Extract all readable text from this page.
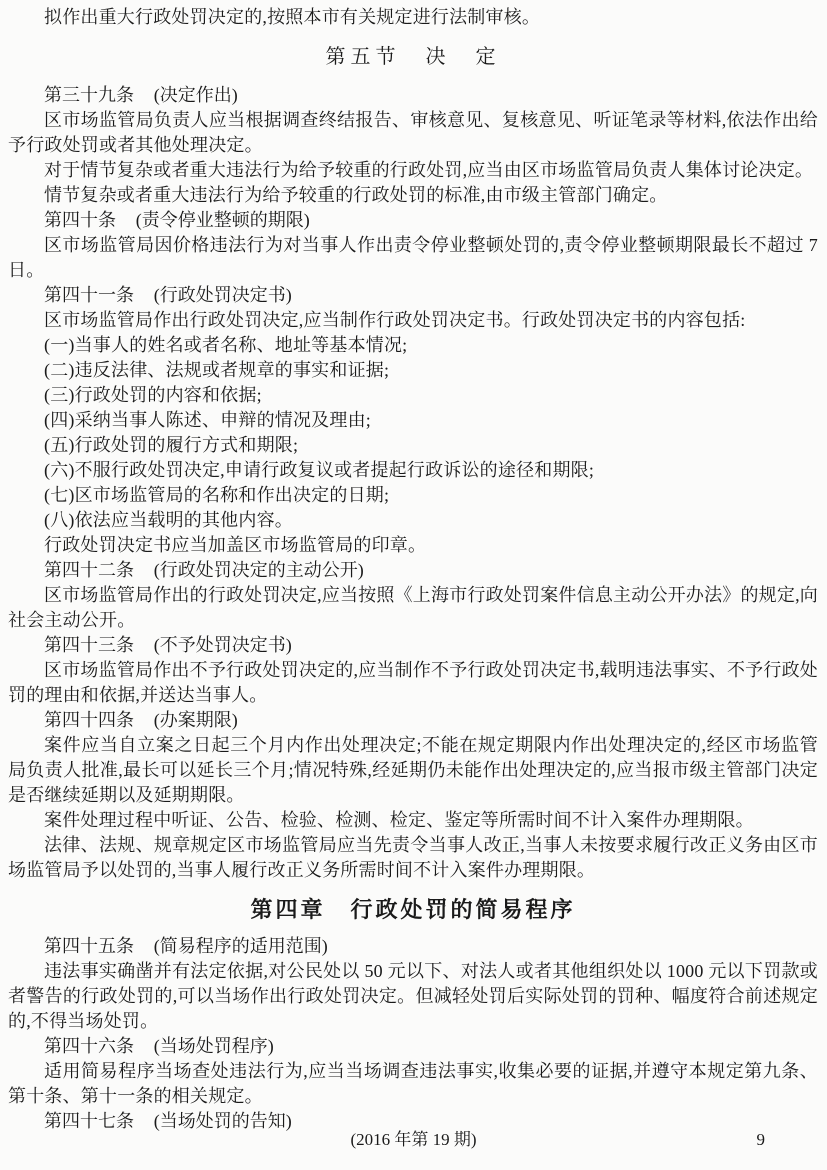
拟作出重大行政处罚决定的,按照本市有关规定进行法制审核。

第五节　决　定

第三十九条 (决定作出)

区市场监管局负责人应当根据调查终结报告、审核意见、复核意见、听证笔录等材料,依法作出给予行政处罚或者其他处理决定。

对于情节复杂或者重大违法行为给予较重的行政处罚,应当由区市场监管局负责人集体讨论决定。

情节复杂或者重大违法行为给予较重的行政处罚的标准,由市级主管部门确定。

第四十条 (责令停业整顿的期限)

区市场监管局因价格违法行为对当事人作出责令停业整顿处罚的,责令停业整顿期限最长不超过 7 日。

第四十一条 (行政处罚决定书)

区市场监管局作出行政处罚决定,应当制作行政处罚决定书。行政处罚决定书的内容包括:

(一)当事人的姓名或者名称、地址等基本情况;

(二)违反法律、法规或者规章的事实和证据;

(三)行政处罚的内容和依据;

(四)采纳当事人陈述、申辩的情况及理由;

(五)行政处罚的履行方式和期限;

(六)不服行政处罚决定,申请行政复议或者提起行政诉讼的途径和期限;

(七)区市场监管局的名称和作出决定的日期;

(八)依法应当载明的其他内容。

行政处罚决定书应当加盖区市场监管局的印章。

第四十二条 (行政处罚决定的主动公开)

区市场监管局作出的行政处罚决定,应当按照《上海市行政处罚案件信息主动公开办法》的规定,向社会主动公开。

第四十三条 (不予处罚决定书)

区市场监管局作出不予行政处罚决定的,应当制作不予行政处罚决定书,载明违法事实、不予行政处罚的理由和依据,并送达当事人。

第四十四条 (办案期限)

案件应当自立案之日起三个月内作出处理决定;不能在规定期限内作出处理决定的,经区市场监管局负责人批准,最长可以延长三个月;情况特殊,经延期仍未能作出处理决定的,应当报市级主管部门决定是否继续延期以及延期期限。

案件处理过程中听证、公告、检验、检测、检定、鉴定等所需时间不计入案件办理期限。

法律、法规、规章规定区市场监管局应当先责令当事人改正,当事人未按要求履行改正义务由区市场监管局予以处罚的,当事人履行改正义务所需时间不计入案件办理期限。

第四章　行政处罚的简易程序

第四十五条 (简易程序的适用范围)

违法事实确凿并有法定依据,对公民处以 50 元以下、对法人或者其他组织处以 1000 元以下罚款或者警告的行政处罚的,可以当场作出行政处罚决定。但减轻处罚后实际处罚的罚种、幅度符合前述规定的,不得当场处罚。

第四十六条 (当场处罚程序)

适用简易程序当场查处违法行为,应当当场调查违法事实,收集必要的证据,并遵守本规定第九条、第十条、第十一条的相关规定。

第四十七条 (当场处罚的告知)

(2016 年第 19 期)	9
